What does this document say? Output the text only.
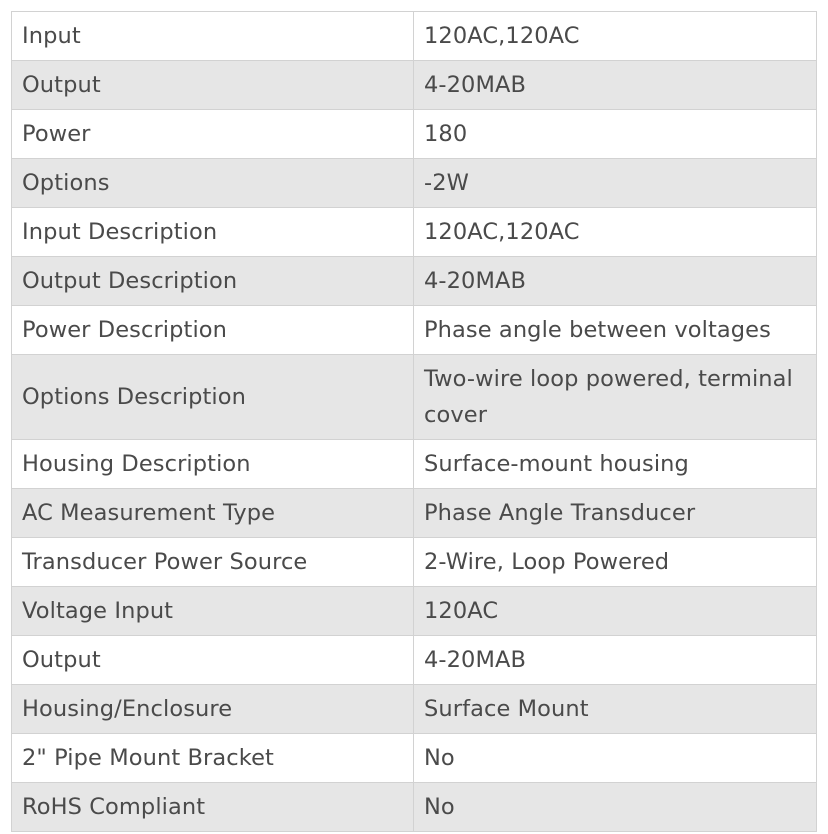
Input	120AC,120AC
Output	4-20MAB
Power	180
Options	-2W
Input Description	120AC,120AC
Output Description	4-20MAB
Power Description	Phase angle between voltages
Options Description	Two-wire loop powered, terminal cover
Housing Description	Surface-mount housing
AC Measurement Type	Phase Angle Transducer
Transducer Power Source	2-Wire, Loop Powered
Voltage Input	120AC
Output	4-20MAB
Housing/Enclosure	Surface Mount
2" Pipe Mount Bracket	No
RoHS Compliant	No
